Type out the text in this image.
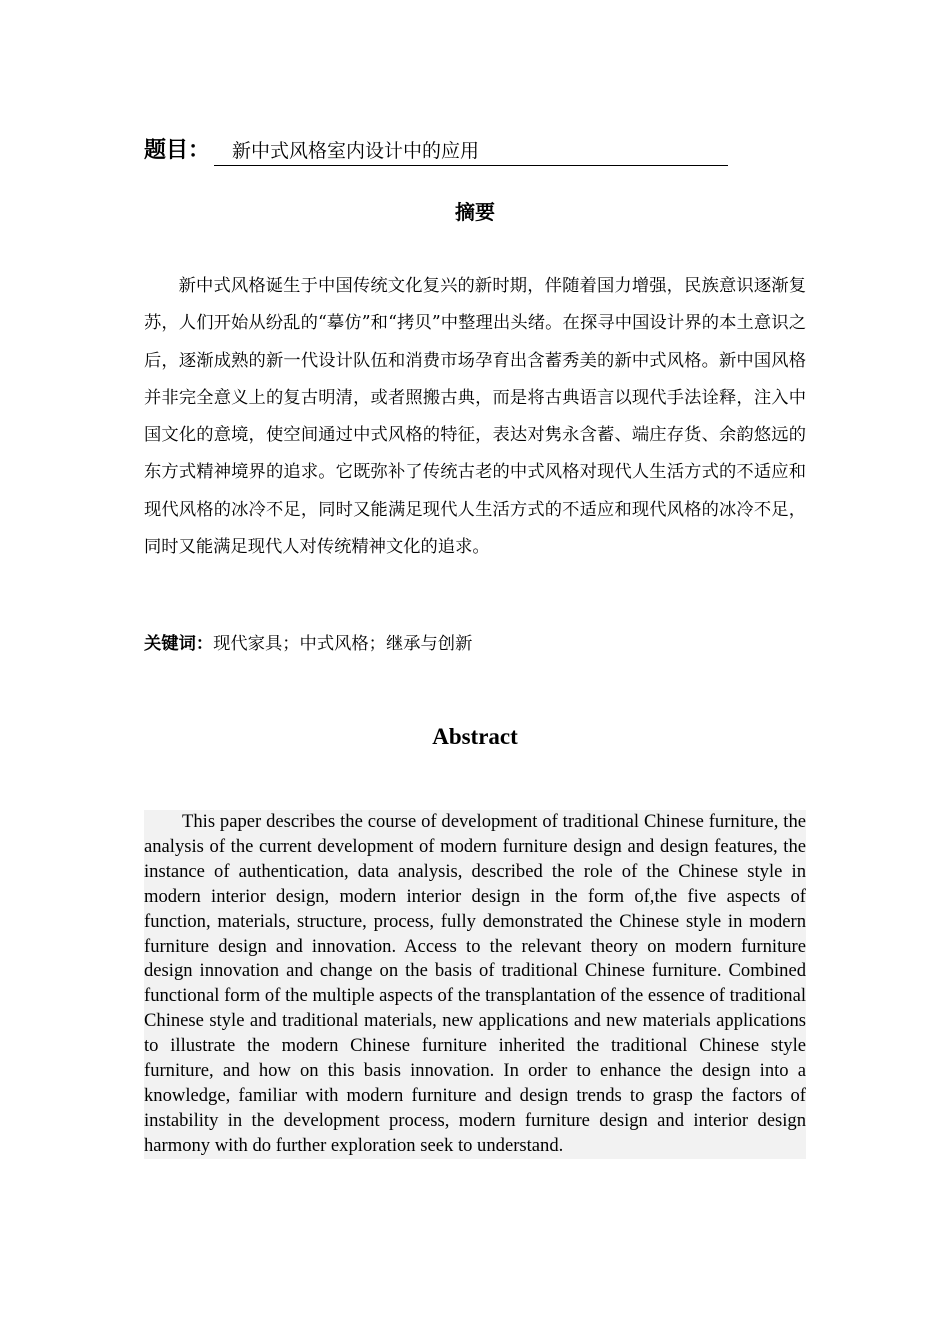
题目：	新中式风格室内设计中的应用
摘要

新中式风格诞生于中国传统文化复兴的新时期，伴随着国力增强，民族意识逐渐复苏，人们开始从纷乱的“摹仿”和“拷贝”中整理出头绪。在探寻中国设计界的本土意识之后，逐渐成熟的新一代设计队伍和消费市场孕育出含蓄秀美的新中式风格。新中国风格并非完全意义上的复古明清，或者照搬古典，而是将古典语言以现代手法诠释，注入中国文化的意境，使空间通过中式风格的特征，表达对隽永含蓄、端庄存货、余韵悠远的东方式精神境界的追求。它既弥补了传统古老的中式风格对现代人生活方式的不适应和现代风格的冰冷不足，同时又能满足现代人生活方式的不适应和现代风格的冰冷不足，同时又能满足现代人对传统精神文化的追求。

关键词：现代家具；中式风格；继承与创新
Abstract

This paper describes the course of development of traditional Chinese furniture, the analysis of the current development of modern furniture design and design features, the instance of authentication, data analysis, described the role of the Chinese style in modern interior design, modern interior design in the form of,the five aspects of function, materials, structure, process, fully demonstrated the Chinese style in modern furniture design and innovation. Access to the relevant theory on modern furniture design innovation and change on the basis of traditional Chinese furniture. Combined functional form of the multiple aspects of the transplantation of the essence of traditional Chinese style and traditional materials, new applications and new materials applications to illustrate the modern Chinese furniture inherited the traditional Chinese style furniture, and how on this basis innovation. In order to enhance the design into a knowledge, familiar with modern furniture and design trends to grasp the factors of instability in the development process, modern furniture design and interior design harmony with do further exploration seek to understand.
